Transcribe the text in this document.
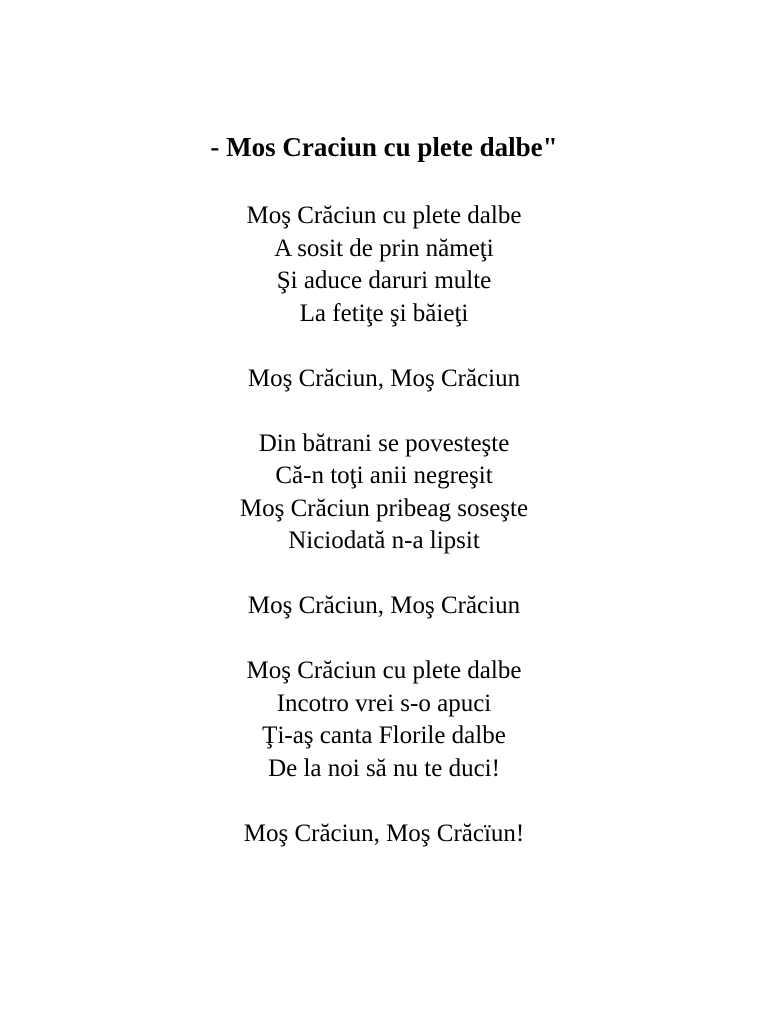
- Mos Craciun cu plete dalbe"
Moş Crăciun cu plete dalbe
A sosit de prin nămeţi
Şi aduce daruri multe
La fetiţe şi băieţi
Moş Crăciun, Moş Crăciun
Din bătrani se povesteşte
Că-n toţi anii negreşit
Moş Crăciun pribeag soseşte
Niciodată n-a lipsit
Moş Crăciun, Moş Crăciun
Moş Crăciun cu plete dalbe
Incotro vrei s-o apuci
Ţi-aş canta Florile dalbe
De la noi să nu te duci!
Moş Crăciun, Moş Crăcïun!
